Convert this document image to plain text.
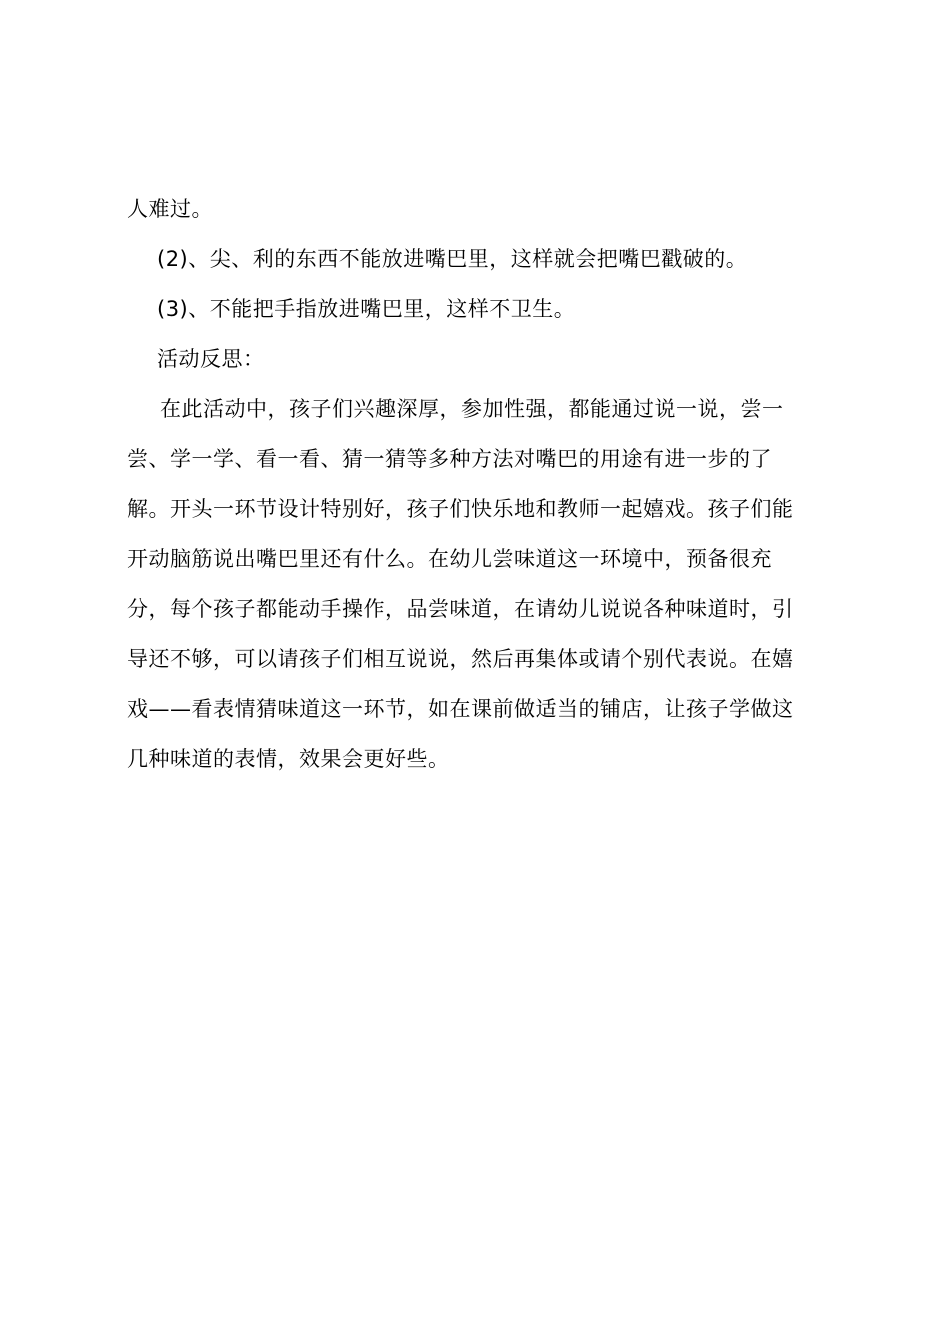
人难过。

(2)、尖、利的东西不能放进嘴巴里，这样就会把嘴巴戳破的。

(3)、不能把手指放进嘴巴里，这样不卫生。

活动反思：

在此活动中，孩子们兴趣深厚，参加性强，都能通过说一说，尝一

尝、学一学、看一看、猜一猜等多种方法对嘴巴的用途有进一步的了

解。开头一环节设计特别好，孩子们快乐地和教师一起嬉戏。孩子们能

开动脑筋说出嘴巴里还有什么。在幼儿尝味道这一环境中，预备很充

分，每个孩子都能动手操作，品尝味道，在请幼儿说说各种味道时，引

导还不够，可以请孩子们相互说说，然后再集体或请个别代表说。在嬉

戏——看表情猜味道这一环节，如在课前做适当的铺店，让孩子学做这

几种味道的表情，效果会更好些。
